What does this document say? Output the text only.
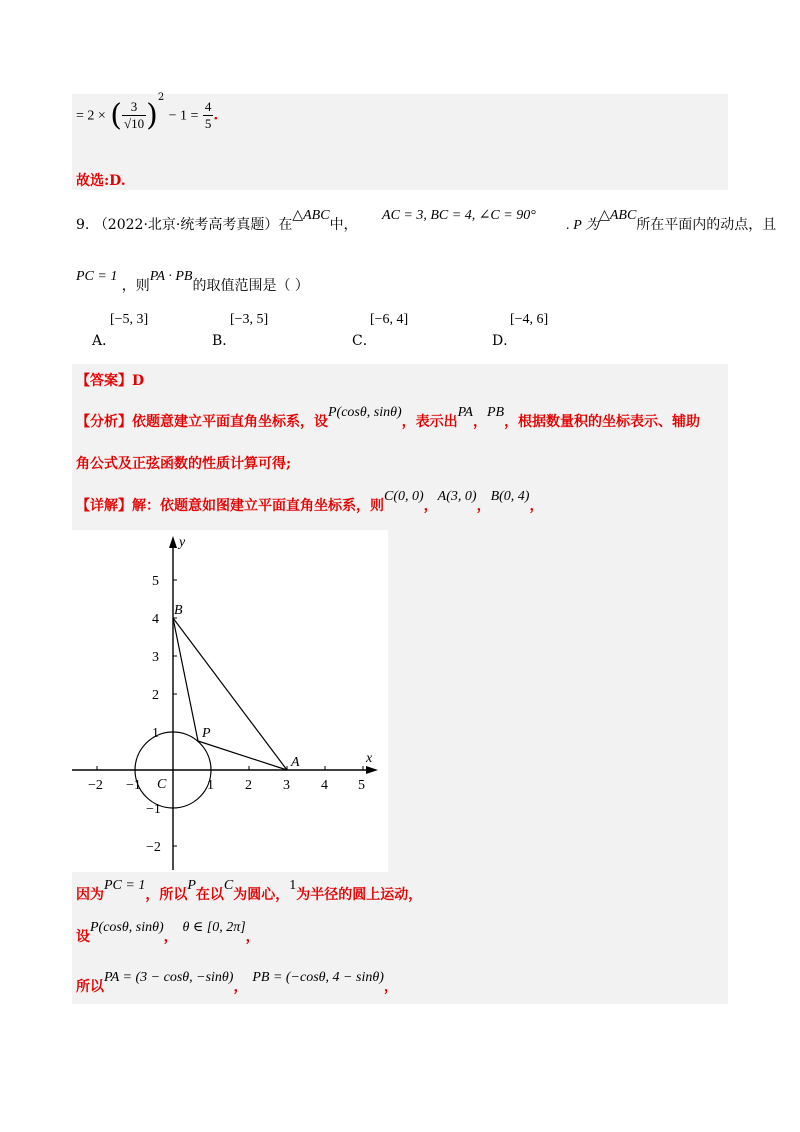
= 2 × ( $\frac{3}{√10} )^2 - 1 = \frac{4}{5}$ .
故选:D.
9. （2022·北京·统考高考真题）在△ABC中， AC = 3, BC = 4, ∠C = 90° . P 为△ABC所在平面内的动点，且
PC = 1 ，则PA · PB的取值范围是（ ）
A．
[−5, 3]
B．
[−3, 5]
C．
[−6, 4]
D．
[−4, 6]
【答案】D
【分析】依题意建立平面直角坐标系，设P(cosθ, sinθ)，表示出PA，PB，根据数量积的坐标表示、辅助
角公式及正弦函数的性质计算可得;
【详解】解：依题意如图建立平面直角坐标系，则C(0, 0)，A(3, 0)，B(0, 4)，
y
x
−2 −1	1 2 3 4 5
5
4
3
2
1
−1
−2
B
A
P
C
因为PC = 1，所以P在以C为圆心，1为半径的圆上运动，
设P(cosθ, sinθ)， θ ∈ [0, 2π]，
所以PA = (3 − cosθ, −sinθ)， PB = (−cosθ, 4 − sinθ)，
